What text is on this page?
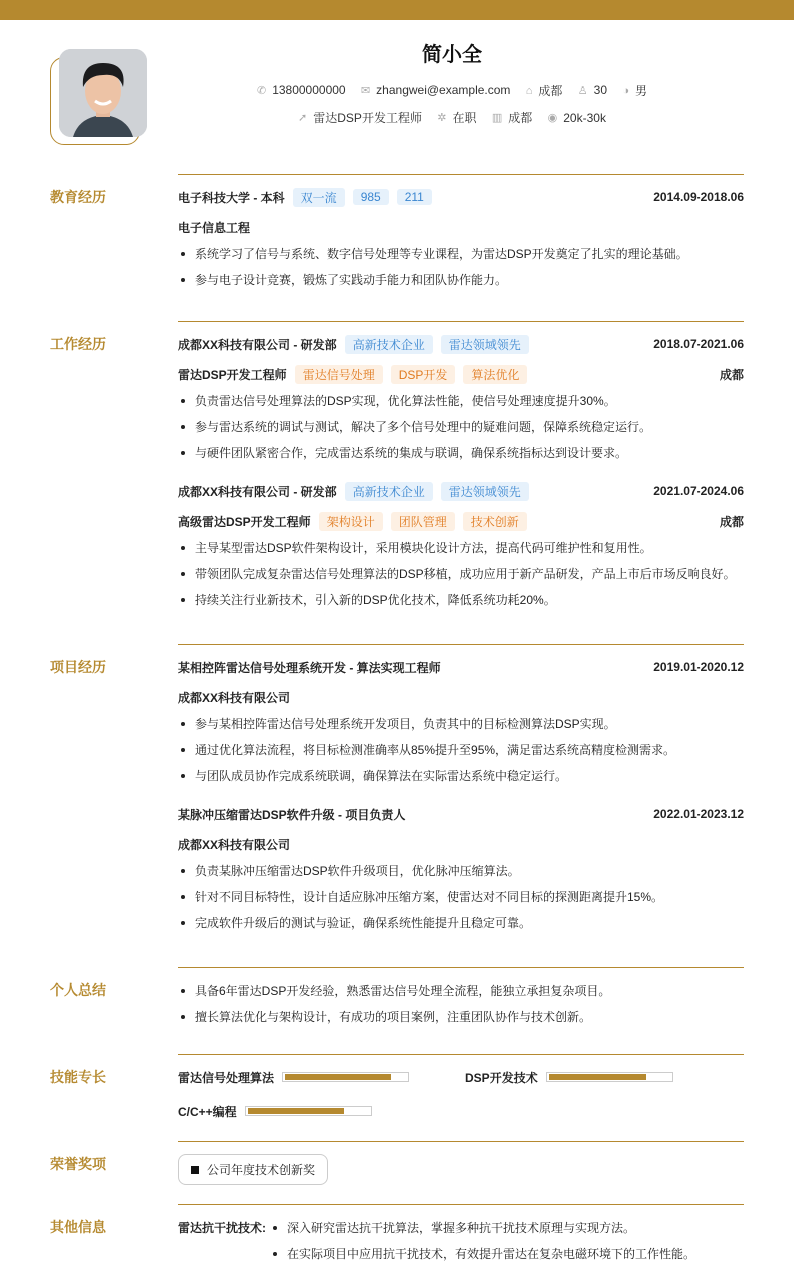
简小全
✆ 13800000000
✉ zhangwei@example.com
⌂ 成都
♙ 30
◑ 男
➚ 雷达DSP开发工程师
✲ 在职
▥ 成都
◉ 20k-30k
教育经历	电子科技大学 - 本科	双一流	985	211	2014.09-2018.06
电子信息工程
系统学习了信号与系统、数字信号处理等专业课程，为雷达DSP开发奠定了扎实的理论基础。
参与电子设计竞赛，锻炼了实践动手能力和团队协作能力。
工作经历	成都XX科技有限公司 - 研发部	高新技术企业	雷达领域领先	2018.07-2021.06
雷达DSP开发工程师	雷达信号处理	DSP开发	算法优化	成都
负责雷达信号处理算法的DSP实现，优化算法性能，使信号处理速度提升30%。
参与雷达系统的调试与测试，解决了多个信号处理中的疑难问题，保障系统稳定运行。
与硬件团队紧密合作，完成雷达系统的集成与联调，确保系统指标达到设计要求。
成都XX科技有限公司 - 研发部	高新技术企业	雷达领域领先	2021.07-2024.06
高级雷达DSP开发工程师	架构设计	团队管理	技术创新	成都
主导某型雷达DSP软件架构设计，采用模块化设计方法，提高代码可维护性和复用性。
带领团队完成复杂雷达信号处理算法的DSP移植，成功应用于新产品研发，产品上市后市场反响良好。
持续关注行业新技术，引入新的DSP优化技术，降低系统功耗20%。
项目经历	某相控阵雷达信号处理系统开发 - 算法实现工程师	2019.01-2020.12
成都XX科技有限公司
参与某相控阵雷达信号处理系统开发项目，负责其中的目标检测算法DSP实现。
通过优化算法流程，将目标检测准确率从85%提升至95%，满足雷达系统高精度检测需求。
与团队成员协作完成系统联调，确保算法在实际雷达系统中稳定运行。
某脉冲压缩雷达DSP软件升级 - 项目负责人	2022.01-2023.12
成都XX科技有限公司
负责某脉冲压缩雷达DSP软件升级项目，优化脉冲压缩算法。
针对不同目标特性，设计自适应脉冲压缩方案，使雷达对不同目标的探测距离提升15%。
完成软件升级后的测试与验证，确保系统性能提升且稳定可靠。
个人总结	具备6年雷达DSP开发经验，熟悉雷达信号处理全流程，能独立承担复杂项目。
擅长算法优化与架构设计，有成功的项目案例，注重团队协作与技术创新。
技能专长	雷达信号处理算法	DSP开发技术
C/C++编程
荣誉奖项	公司年度技术创新奖
其他信息	雷达抗干扰技术:	深入研究雷达抗干扰算法，掌握多种抗干扰技术原理与实现方法。
在实际项目中应用抗干扰技术，有效提升雷达在复杂电磁环境下的工作性能。
